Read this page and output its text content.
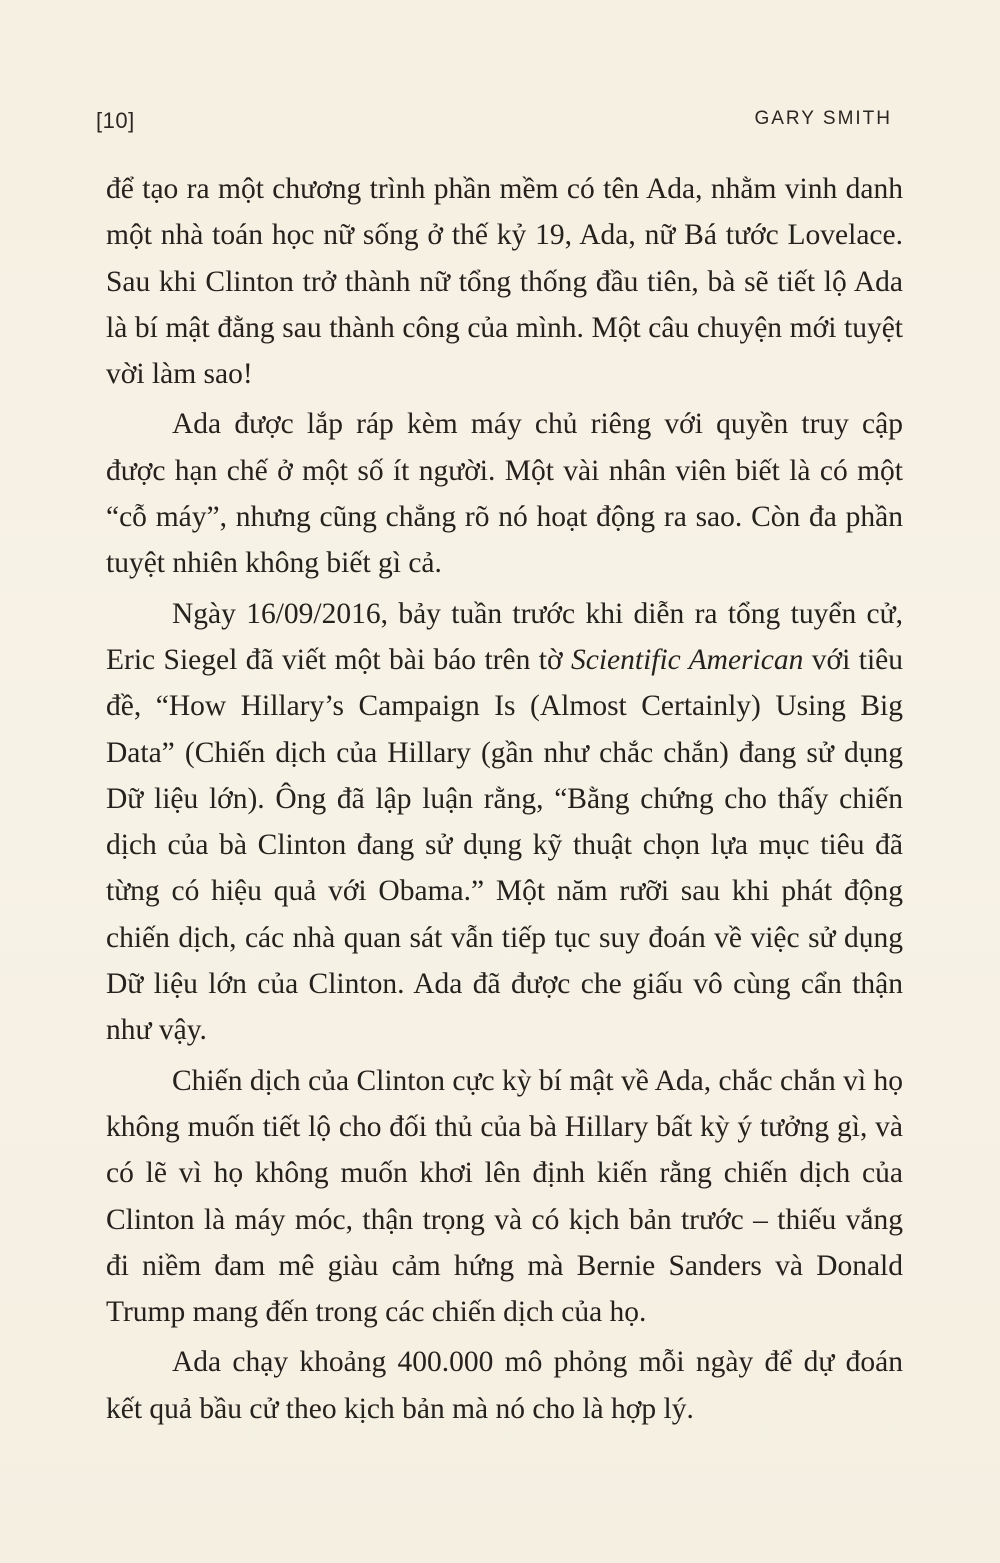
[10]	GARY SMITH

để tạo ra một chương trình phần mềm có tên Ada, nhằm vinh danh một nhà toán học nữ sống ở thế kỷ 19, Ada, nữ Bá tước Lovelace. Sau khi Clinton trở thành nữ tổng thống đầu tiên, bà sẽ tiết lộ Ada là bí mật đằng sau thành công của mình. Một câu chuyện mới tuyệt vời làm sao!

Ada được lắp ráp kèm máy chủ riêng với quyền truy cập được hạn chế ở một số ít người. Một vài nhân viên biết là có một “cỗ máy”, nhưng cũng chẳng rõ nó hoạt động ra sao. Còn đa phần tuyệt nhiên không biết gì cả.

Ngày 16/09/2016, bảy tuần trước khi diễn ra tổng tuyển cử, Eric Siegel đã viết một bài báo trên tờ Scientific American với tiêu đề, “How Hillary’s Campaign Is (Almost Certainly) Using Big Data” (Chiến dịch của Hillary (gần như chắc chắn) đang sử dụng Dữ liệu lớn). Ông đã lập luận rằng, “Bằng chứng cho thấy chiến dịch của bà Clinton đang sử dụng kỹ thuật chọn lựa mục tiêu đã từng có hiệu quả với Obama.” Một năm rưỡi sau khi phát động chiến dịch, các nhà quan sát vẫn tiếp tục suy đoán về việc sử dụng Dữ liệu lớn của Clinton. Ada đã được che giấu vô cùng cẩn thận như vậy.

Chiến dịch của Clinton cực kỳ bí mật về Ada, chắc chắn vì họ không muốn tiết lộ cho đối thủ của bà Hillary bất kỳ ý tưởng gì, và có lẽ vì họ không muốn khơi lên định kiến rằng chiến dịch của Clinton là máy móc, thận trọng và có kịch bản trước – thiếu vắng đi niềm đam mê giàu cảm hứng mà Bernie Sanders và Donald Trump mang đến trong các chiến dịch của họ.

Ada chạy khoảng 400.000 mô phỏng mỗi ngày để dự đoán kết quả bầu cử theo kịch bản mà nó cho là hợp lý.
